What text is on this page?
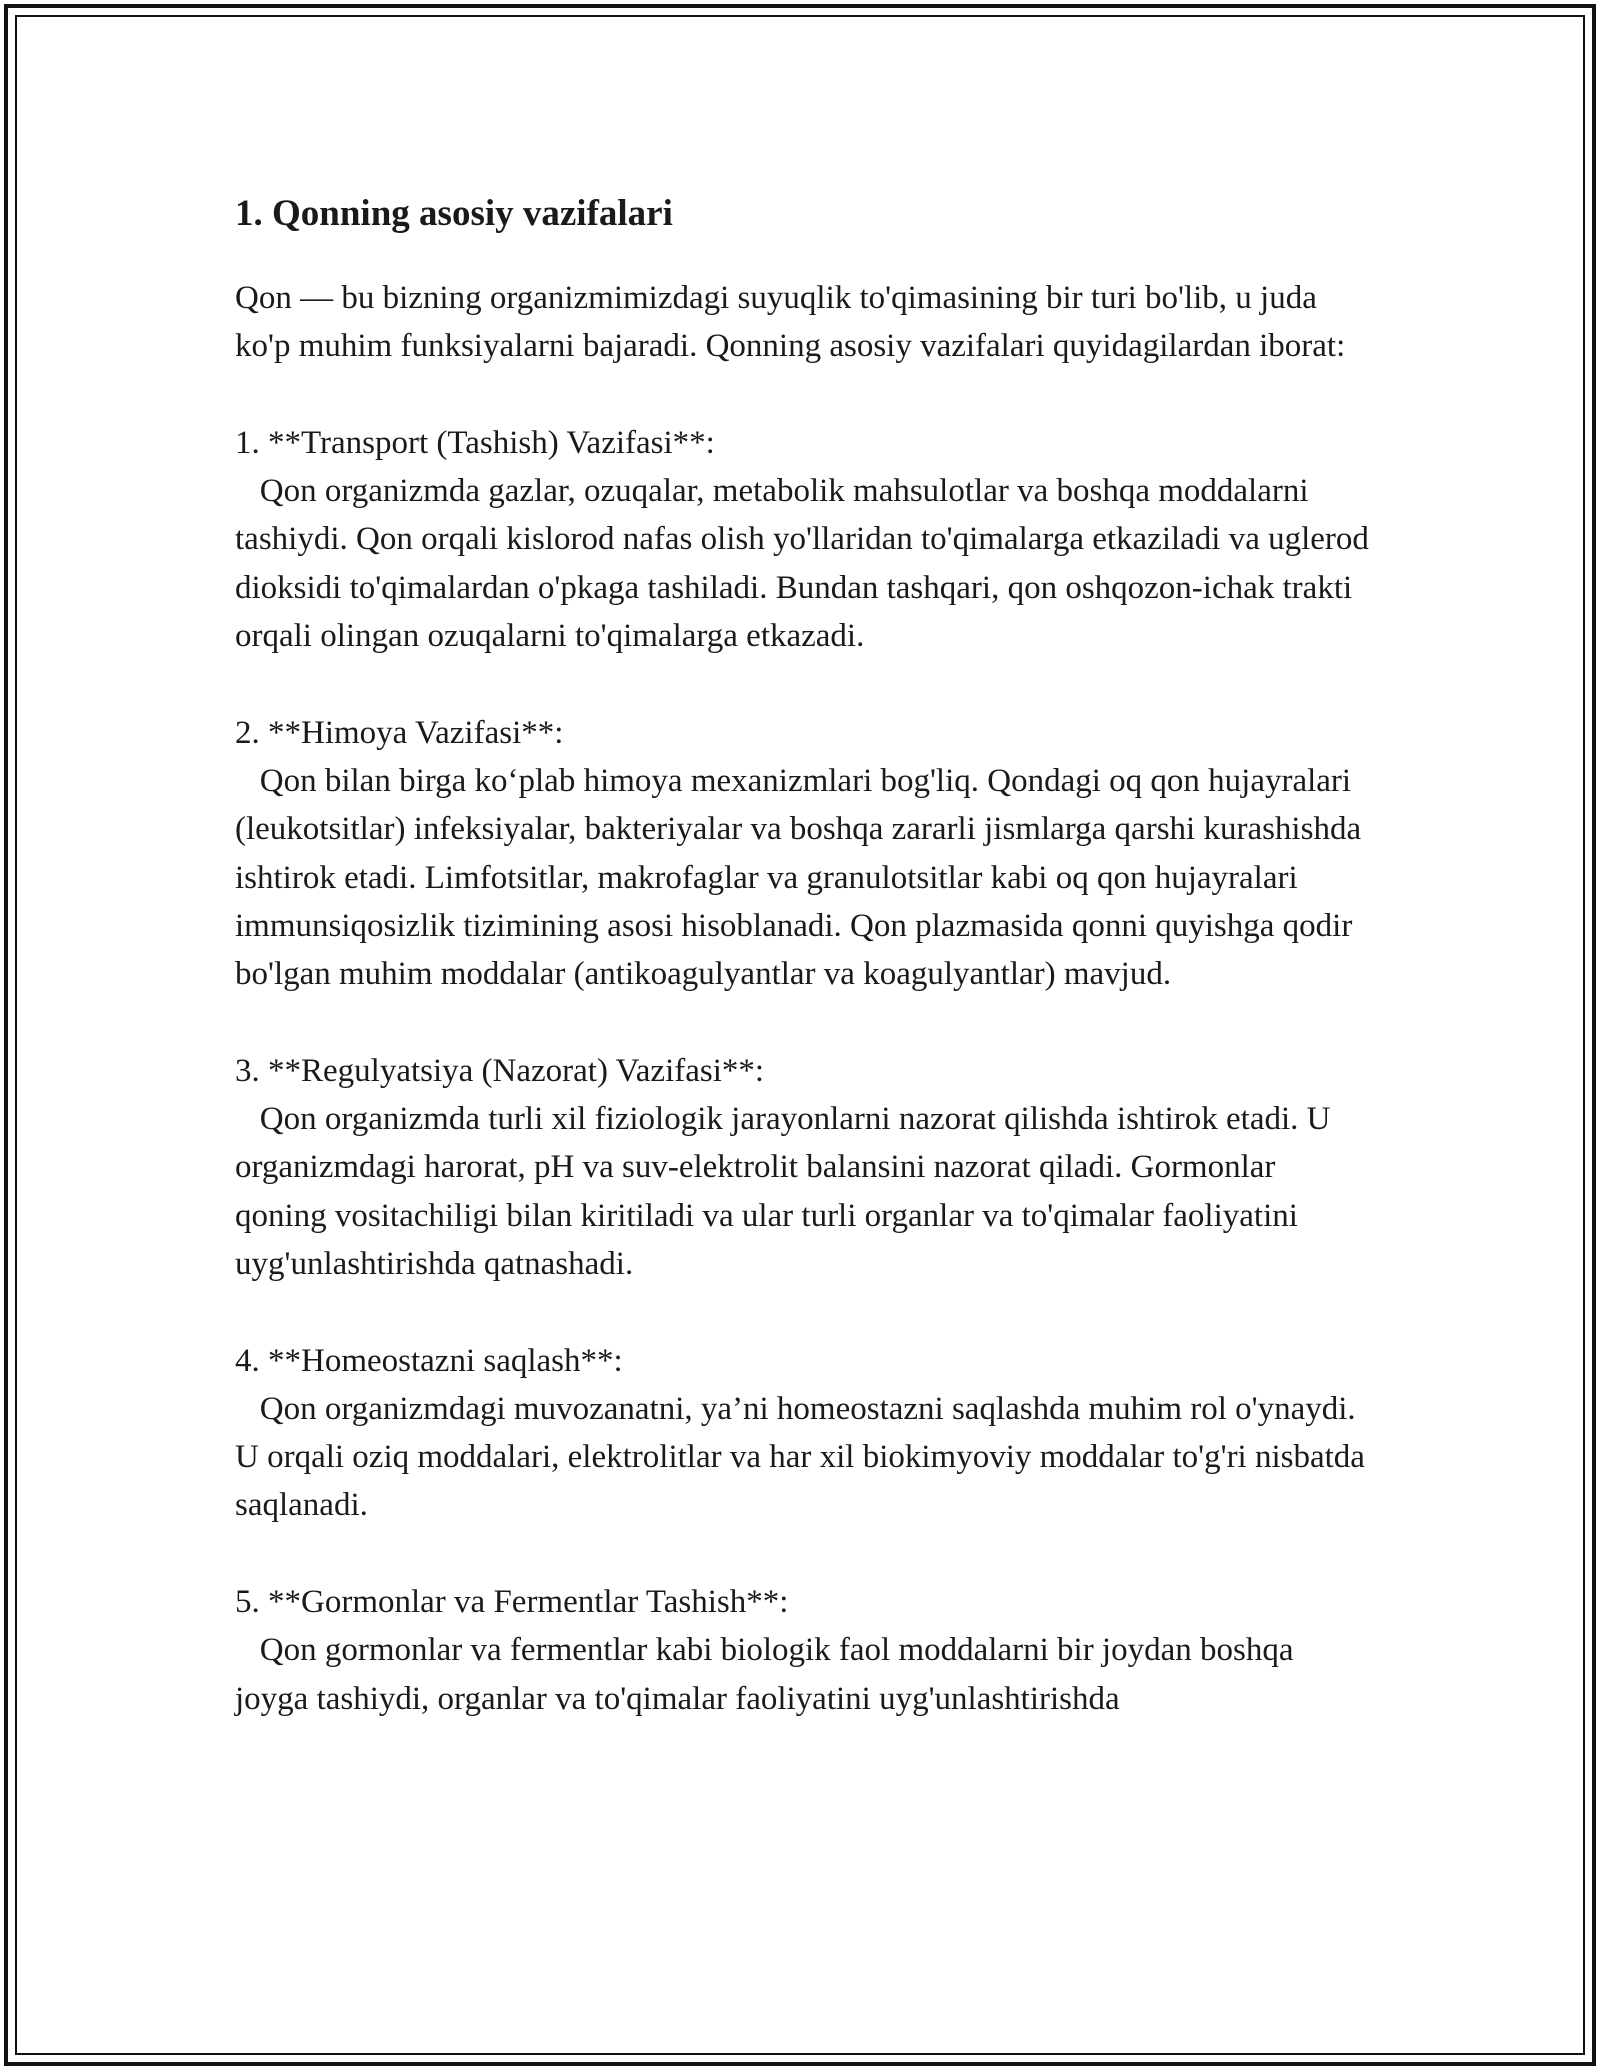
1. Qonning asosiy vazifalari

Qon — bu bizning organizmimizdagi suyuqlik to'qimasining bir turi bo'lib, u juda ko'p muhim funksiyalarni bajaradi. Qonning asosiy vazifalari quyidagilardan iborat:

1. **Transport (Tashish) Vazifasi**:

Qon organizmda gazlar, ozuqalar, metabolik mahsulotlar va boshqa moddalarni tashiydi. Qon orqali kislorod nafas olish yo'llaridan to'qimalarga etkaziladi va uglerod dioksidi to'qimalardan o'pkaga tashiladi. Bundan tashqari, qon oshqozon-ichak trakti orqali olingan ozuqalarni to'qimalarga etkazadi.

2. **Himoya Vazifasi**:

Qon bilan birga ko‘plab himoya mexanizmlari bog'liq. Qondagi oq qon hujayralari (leukotsitlar) infeksiyalar, bakteriyalar va boshqa zararli jismlarga qarshi kurashishda ishtirok etadi. Limfotsitlar, makrofaglar va granulotsitlar kabi oq qon hujayralari immunsiqosizlik tizimining asosi hisoblanadi. Qon plazmasida qonni quyishga qodir bo'lgan muhim moddalar (antikoagulyantlar va koagulyantlar) mavjud.

3. **Regulyatsiya (Nazorat) Vazifasi**:

Qon organizmda turli xil fiziologik jarayonlarni nazorat qilishda ishtirok etadi. U organizmdagi harorat, pH va suv-elektrolit balansini nazorat qiladi. Gormonlar qoning vositachiligi bilan kiritiladi va ular turli organlar va to'qimalar faoliyatini uyg'unlashtirishda qatnashadi.

4. **Homeostazni saqlash**:

Qon organizmdagi muvozanatni, ya’ni homeostazni saqlashda muhim rol o'ynaydi. U orqali oziq moddalari, elektrolitlar va har xil biokimyoviy moddalar to'g'ri nisbatda saqlanadi.

5. **Gormonlar va Fermentlar Tashish**:

Qon gormonlar va fermentlar kabi biologik faol moddalarni bir joydan boshqa joyga tashiydi, organlar va to'qimalar faoliyatini uyg'unlashtirishda
